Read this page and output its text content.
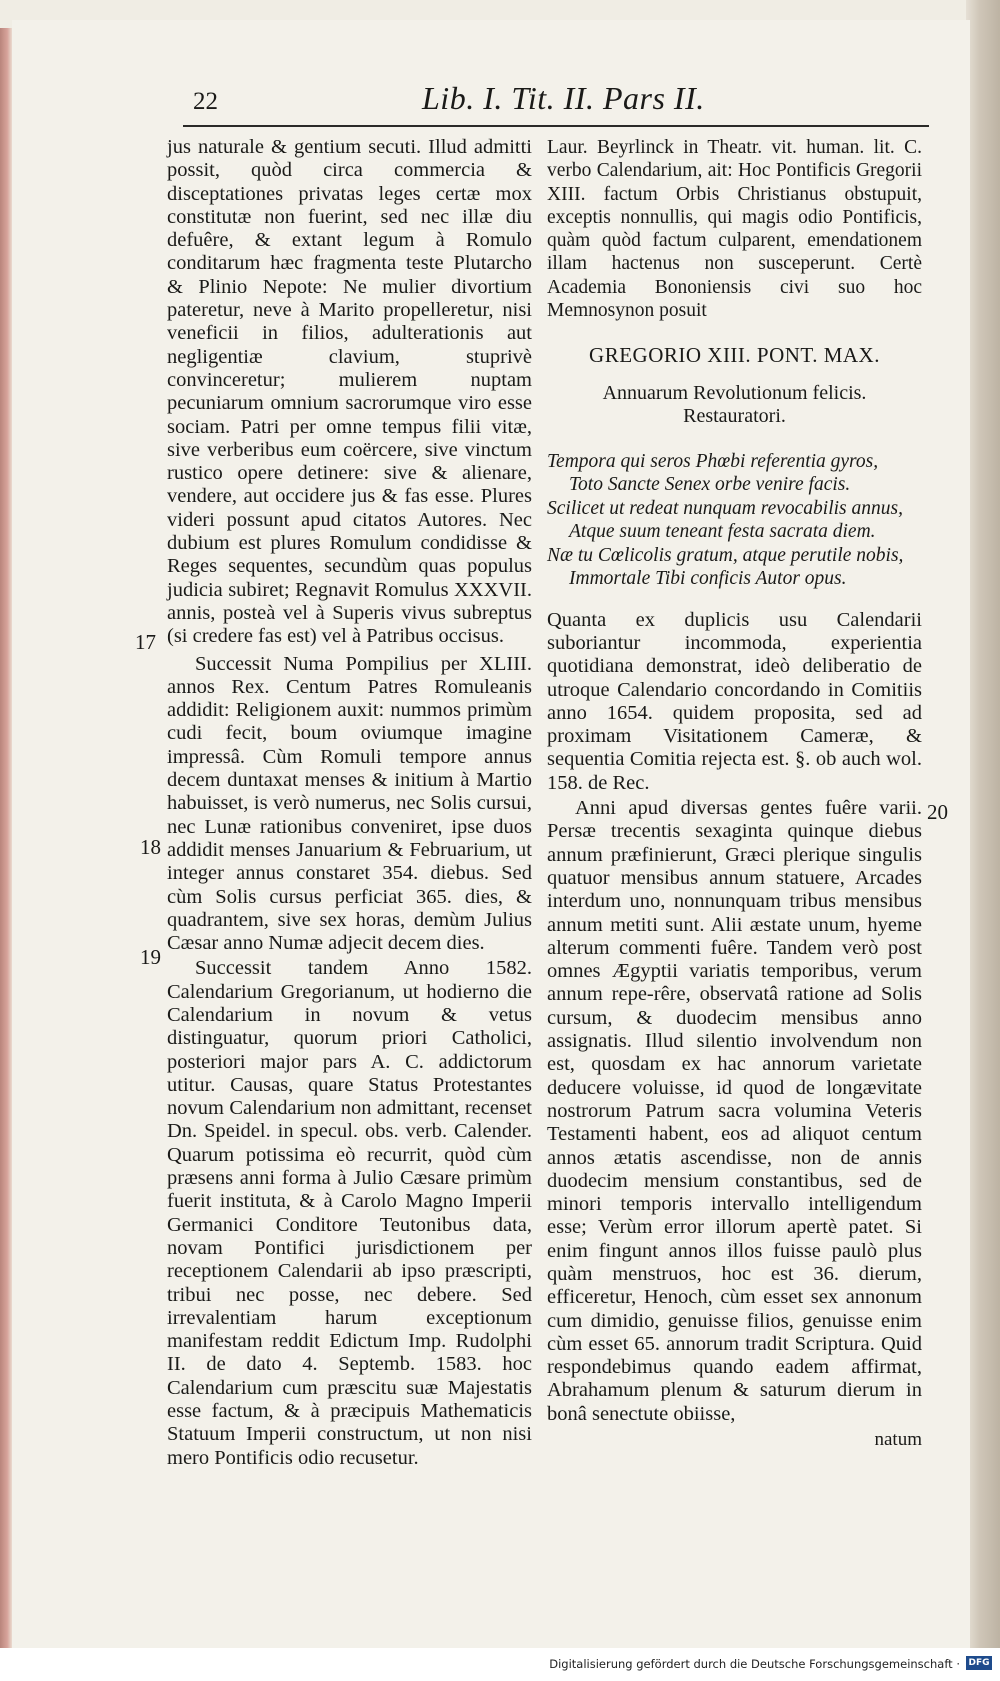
22	Lib. I. Tit. II. Pars II.

jus naturale & gentium secuti. Illud admitti possit, quòd circa commercia & disceptationes privatas leges certæ mox constitutæ non fuerint, sed nec illæ diu defuêre, & extant legum à Romulo conditarum hæc fragmenta teste Plutarcho & Plinio Nepote: Ne mulier divortium pateretur, neve à Marito propelleretur, nisi veneficii in filios, adulterationis aut negligentiæ clavium, stuprivè convinceretur; mulierem nuptam pecuniarum omnium sacrorumque viro esse sociam. Patri per omne tempus filii vitæ, sive verberibus eum coërcere, sive vinctum rustico opere detinere: sive & alienare, vendere, aut occidere jus & fas esse. Plures videri possunt apud citatos Autores. Nec dubium est plures Romulum condidisse & Reges sequentes, secundùm quas populus judicia subiret; Regnavit Romulus XXXVII. annis, posteà vel à Superis vivus subreptus (si credere fas est) vel à Patribus occisus.

Successit Numa Pompilius per XLIII. annos Rex. Centum Patres Romuleanis addidit: Religionem auxit: nummos primùm cudi fecit, boum oviumque imagine impressâ. Cùm Romuli tempore annus decem duntaxat menses & initium à Martio habuisset, is verò numerus, nec Solis cursui, nec Lunæ rationibus conveniret, ipse duos addidit menses Januarium & Februarium, ut integer annus constaret 354. diebus. Sed cùm Solis cursus perficiat 365. dies, & quadrantem, sive sex horas, demùm Julius Cæsar anno Numæ adjecit decem dies.

Successit tandem Anno 1582. Calendarium Gregorianum, ut hodierno die Calendarium in novum & vetus distinguatur, quorum priori Catholici, posteriori major pars A. C. addictorum utitur. Causas, quare Status Protestantes novum Calendarium non admittant, recenset Dn. Speidel. in specul. obs. verb. Calender. Quarum potissima eò recurrit, quòd cùm præsens anni forma à Julio Cæsare primùm fuerit instituta, & à Carolo Magno Imperii Germanici Conditore Teutonibus data, novam Pontifici jurisdictionem per receptionem Calendarii ab ipso præscripti, tribui nec posse, nec debere. Sed irrevalentiam harum exceptionum manifestam reddit Edictum Imp. Rudolphi II. de dato 4. Septemb. 1583. hoc Calendarium cum præscitu suæ Majestatis esse factum, & à præcipuis Mathematicis Statuum Imperii constructum, ut non nisi mero Pontificis odio recusetur.

17
18
19

Laur. Beyrlinck in Theatr. vit. human. lit. C. verbo Calendarium, ait: Hoc Pontificis Gregorii XIII. factum Orbis Christianus obstupuit, exceptis nonnullis, qui magis odio Pontificis, quàm quòd factum culparent, emendationem illam hactenus non susceperunt. Certè Academia Bononiensis civi suo hoc Memnosynon posuit

GREGORIO XIII. PONT. MAX.
Annuarum Revolutionum felicis. Restauratori.
Tempora qui seros Phœbi referentia gyros,
Toto Sancte Senex orbe venire facis.
Scilicet ut redeat nunquam revocabilis annus,
Atque suum teneant festa sacrata diem.
Næ tu Cœlicolis gratum, atque perutile nobis,
Immortale Tibi conficis Autor opus.

Quanta ex duplicis usu Calendarii suboriantur incommoda, experientia quotidiana demonstrat, ideò deliberatio de utroque Calendario concordando in Comitiis anno 1654. quidem proposita, sed ad proximam Visitationem Cameræ, & sequentia Comitia rejecta est. §. ob auch wol. 158. de Rec.

Anni apud diversas gentes fuêre varii. Persæ trecentis sexaginta quinque diebus annum præfinierunt, Græci plerique singulis quatuor mensibus annum statuere, Arcades interdum uno, nonnunquam tribus mensibus annum metiti sunt. Alii æstate unum, hyeme alterum commenti fuêre. Tandem verò post omnes Ægyptii variatis temporibus, verum annum repe-rêre, observatâ ratione ad Solis cursum, & duodecim mensibus anno assignatis. Illud silentio involvendum non est, quosdam ex hac annorum varietate deducere voluisse, id quod de longævitate nostrorum Patrum sacra volumina Veteris Testamenti habent, eos ad aliquot centum annos ætatis ascendisse, non de annis duodecim mensium constantibus, sed de minori temporis intervallo intelligendum esse; Verùm error illorum apertè patet. Si enim fingunt annos illos fuisse paulò plus quàm menstruos, hoc est 36. dierum, efficeretur, Henoch, cùm esset sex annonum cum dimidio, genuisse filios, genuisse enim cùm esset 65. annorum tradit Scriptura. Quid respondebimus quando eadem affirmat, Abrahamum plenum & saturum dierum in bonâ senectute obiisse,

natum
20
Digitalisierung gefördert durch die Deutsche Forschungsgemeinschaft · DFG
